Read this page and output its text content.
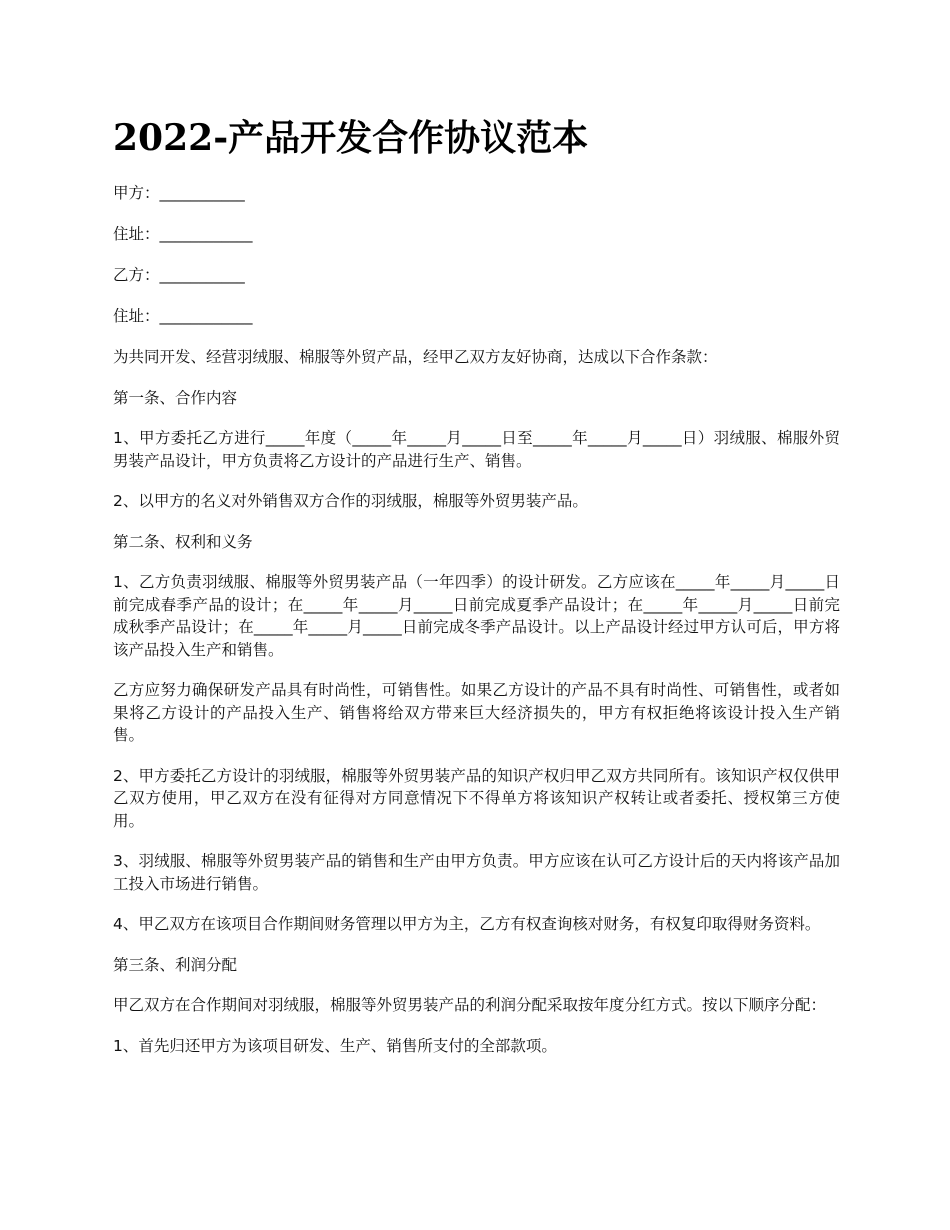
2022-产品开发合作协议范本
甲方：___________
住址：____________
乙方：___________
住址：____________

为共同开发、经营羽绒服、棉服等外贸产品，经甲乙双方友好协商，达成以下合作条款：

第一条、合作内容

1、甲方委托乙方进行_____年度（_____年_____月_____日至_____年_____月_____日）羽绒服、棉服外贸男装产品设计，甲方负责将乙方设计的产品进行生产、销售。

2、以甲方的名义对外销售双方合作的羽绒服，棉服等外贸男装产品。

第二条、权利和义务

1、乙方负责羽绒服、棉服等外贸男装产品（一年四季）的设计研发。乙方应该在_____年_____月_____日前完成春季产品的设计；在_____年_____月_____日前完成夏季产品设计；在_____年_____月_____日前完成秋季产品设计；在_____年_____月_____日前完成冬季产品设计。以上产品设计经过甲方认可后，甲方将该产品投入生产和销售。

乙方应努力确保研发产品具有时尚性，可销售性。如果乙方设计的产品不具有时尚性、可销售性，或者如果将乙方设计的产品投入生产、销售将给双方带来巨大经济损失的，甲方有权拒绝将该设计投入生产销售。

2、甲方委托乙方设计的羽绒服，棉服等外贸男装产品的知识产权归甲乙双方共同所有。该知识产权仅供甲乙双方使用，甲乙双方在没有征得对方同意情况下不得单方将该知识产权转让或者委托、授权第三方使用。

3、羽绒服、棉服等外贸男装产品的销售和生产由甲方负责。甲方应该在认可乙方设计后的天内将该产品加工投入市场进行销售。

4、甲乙双方在该项目合作期间财务管理以甲方为主，乙方有权查询核对财务，有权复印取得财务资料。

第三条、利润分配

甲乙双方在合作期间对羽绒服，棉服等外贸男装产品的利润分配采取按年度分红方式。按以下顺序分配：

1、首先归还甲方为该项目研发、生产、销售所支付的全部款项。
